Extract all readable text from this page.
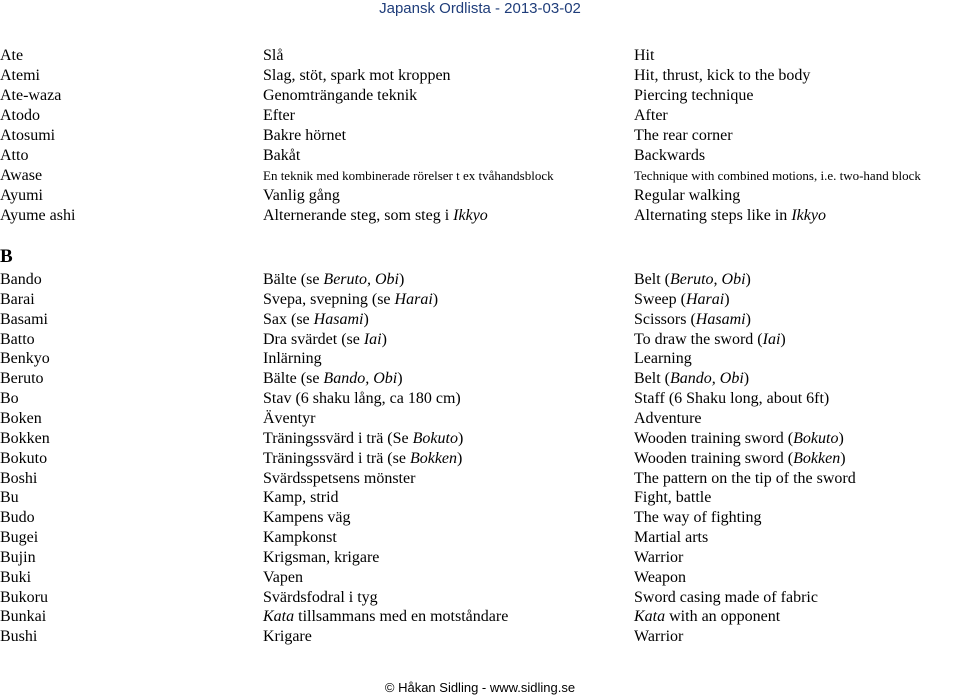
Japansk Ordlista - 2013-03-02
Ate	Slå	Hit
Atemi	Slag, stöt, spark mot kroppen	Hit, thrust, kick to the body
Ate-waza	Genomträngande teknik	Piercing technique
Atodo	Efter	After
Atosumi	Bakre hörnet	The rear corner
Atto	Bakåt	Backwards
Awase	En teknik med kombinerade rörelser t ex tvåhandsblock	Technique with combined motions, i.e. two-hand block
Ayumi	Vanlig gång	Regular walking
Ayume ashi	Alternerande steg, som steg i Ikkyo	Alternating steps like in Ikkyo
B
Bando	Bälte (se Beruto, Obi)	Belt (Beruto, Obi)
Barai	Svepa, svepning (se Harai)	Sweep (Harai)
Basami	Sax (se Hasami)	Scissors (Hasami)
Batto	Dra svärdet (se Iai)	To draw the sword (Iai)
Benkyo	Inlärning	Learning
Beruto	Bälte (se Bando, Obi)	Belt (Bando, Obi)
Bo	Stav (6 shaku lång, ca 180 cm)	Staff (6 Shaku long, about 6ft)
Boken	Äventyr	Adventure
Bokken	Träningssvärd i trä (Se Bokuto)	Wooden training sword (Bokuto)
Bokuto	Träningssvärd i trä (se Bokken)	Wooden training sword (Bokken)
Boshi	Svärdsspetsens mönster	The pattern on the tip of the sword
Bu	Kamp, strid	Fight, battle
Budo	Kampens väg	The way of fighting
Bugei	Kampkonst	Martial arts
Bujin	Krigsman, krigare	Warrior
Buki	Vapen	Weapon
Bukoru	Svärdsfodral i tyg	Sword casing made of fabric
Bunkai	Kata tillsammans med en motståndare	Kata with an opponent
Bushi	Krigare	Warrior
© Håkan Sidling - www.sidling.se
